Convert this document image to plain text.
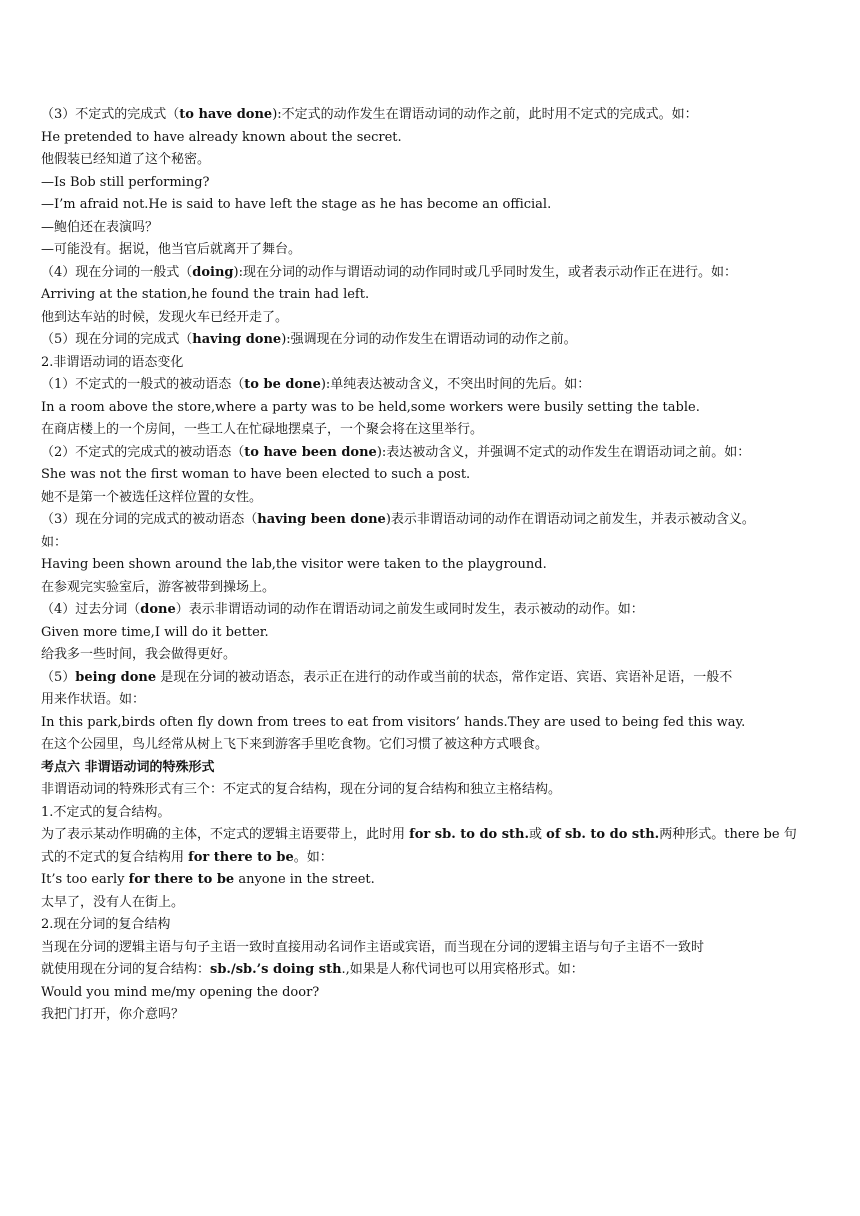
（3）不定式的完成式（to have done):不定式的动作发生在谓语动词的动作之前，此时用不定式的完成式。如：
He pretended to have already known about the secret.
他假装已经知道了这个秘密。
—Is Bob still performing?
—I’m afraid not.He is said to have left the stage as he has become an official.
—鲍伯还在表演吗？
—可能没有。据说，他当官后就离开了舞台。
（4）现在分词的一般式（doing):现在分词的动作与谓语动词的动作同时或几乎同时发生，或者表示动作正在进行。如：
Arriving at the station,he found the train had left.
他到达车站的时候，发现火车已经开走了。
（5）现在分词的完成式（having done):强调现在分词的动作发生在谓语动词的动作之前。
2.非谓语动词的语态变化
（1）不定式的一般式的被动语态（to be done):单纯表达被动含义，不突出时间的先后。如：
In a room above the store,where a party was to be held,some workers were busily setting the table.
在商店楼上的一个房间，一些工人在忙碌地摆桌子，一个聚会将在这里举行。
（2）不定式的完成式的被动语态（to have been done):表达被动含义，并强调不定式的动作发生在谓语动词之前。如：
She was not the first woman to have been elected to such a post.
她不是第一个被选任这样位置的女性。
（3）现在分词的完成式的被动语态（having been done)表示非谓语动词的动作在谓语动词之前发生，并表示被动含义。
如：
Having been shown around the lab,the visitor were taken to the playground.
在参观完实验室后，游客被带到操场上。
（4）过去分词（done）表示非谓语动词的动作在谓语动词之前发生或同时发生，表示被动的动作。如：
Given more time,I will do it better.
给我多一些时间，我会做得更好。
（5）being done 是现在分词的被动语态，表示正在进行的动作或当前的状态，常作定语、宾语、宾语补足语，一般不
用来作状语。如：
In this park,birds often fly down from trees to eat from visitors’ hands.They are used to being fed this way.
在这个公园里，鸟儿经常从树上飞下来到游客手里吃食物。它们习惯了被这种方式喂食。
考点六 非谓语动词的特殊形式
非谓语动词的特殊形式有三个：不定式的复合结构，现在分词的复合结构和独立主格结构。
1.不定式的复合结构。
为了表示某动作明确的主体，不定式的逻辑主语要带上，此时用 for sb. to do sth.或 of sb. to do sth.两种形式。there be 句
式的不定式的复合结构用 for there to be。如：
It’s too early for there to be anyone in the street.
太早了，没有人在街上。
2.现在分词的复合结构
当现在分词的逻辑主语与句子主语一致时直接用动名词作主语或宾语，而当现在分词的逻辑主语与句子主语不一致时
就使用现在分词的复合结构：sb./sb.’s doing sth.,如果是人称代词也可以用宾格形式。如：
Would you mind me/my opening the door?
我把门打开，你介意吗？
